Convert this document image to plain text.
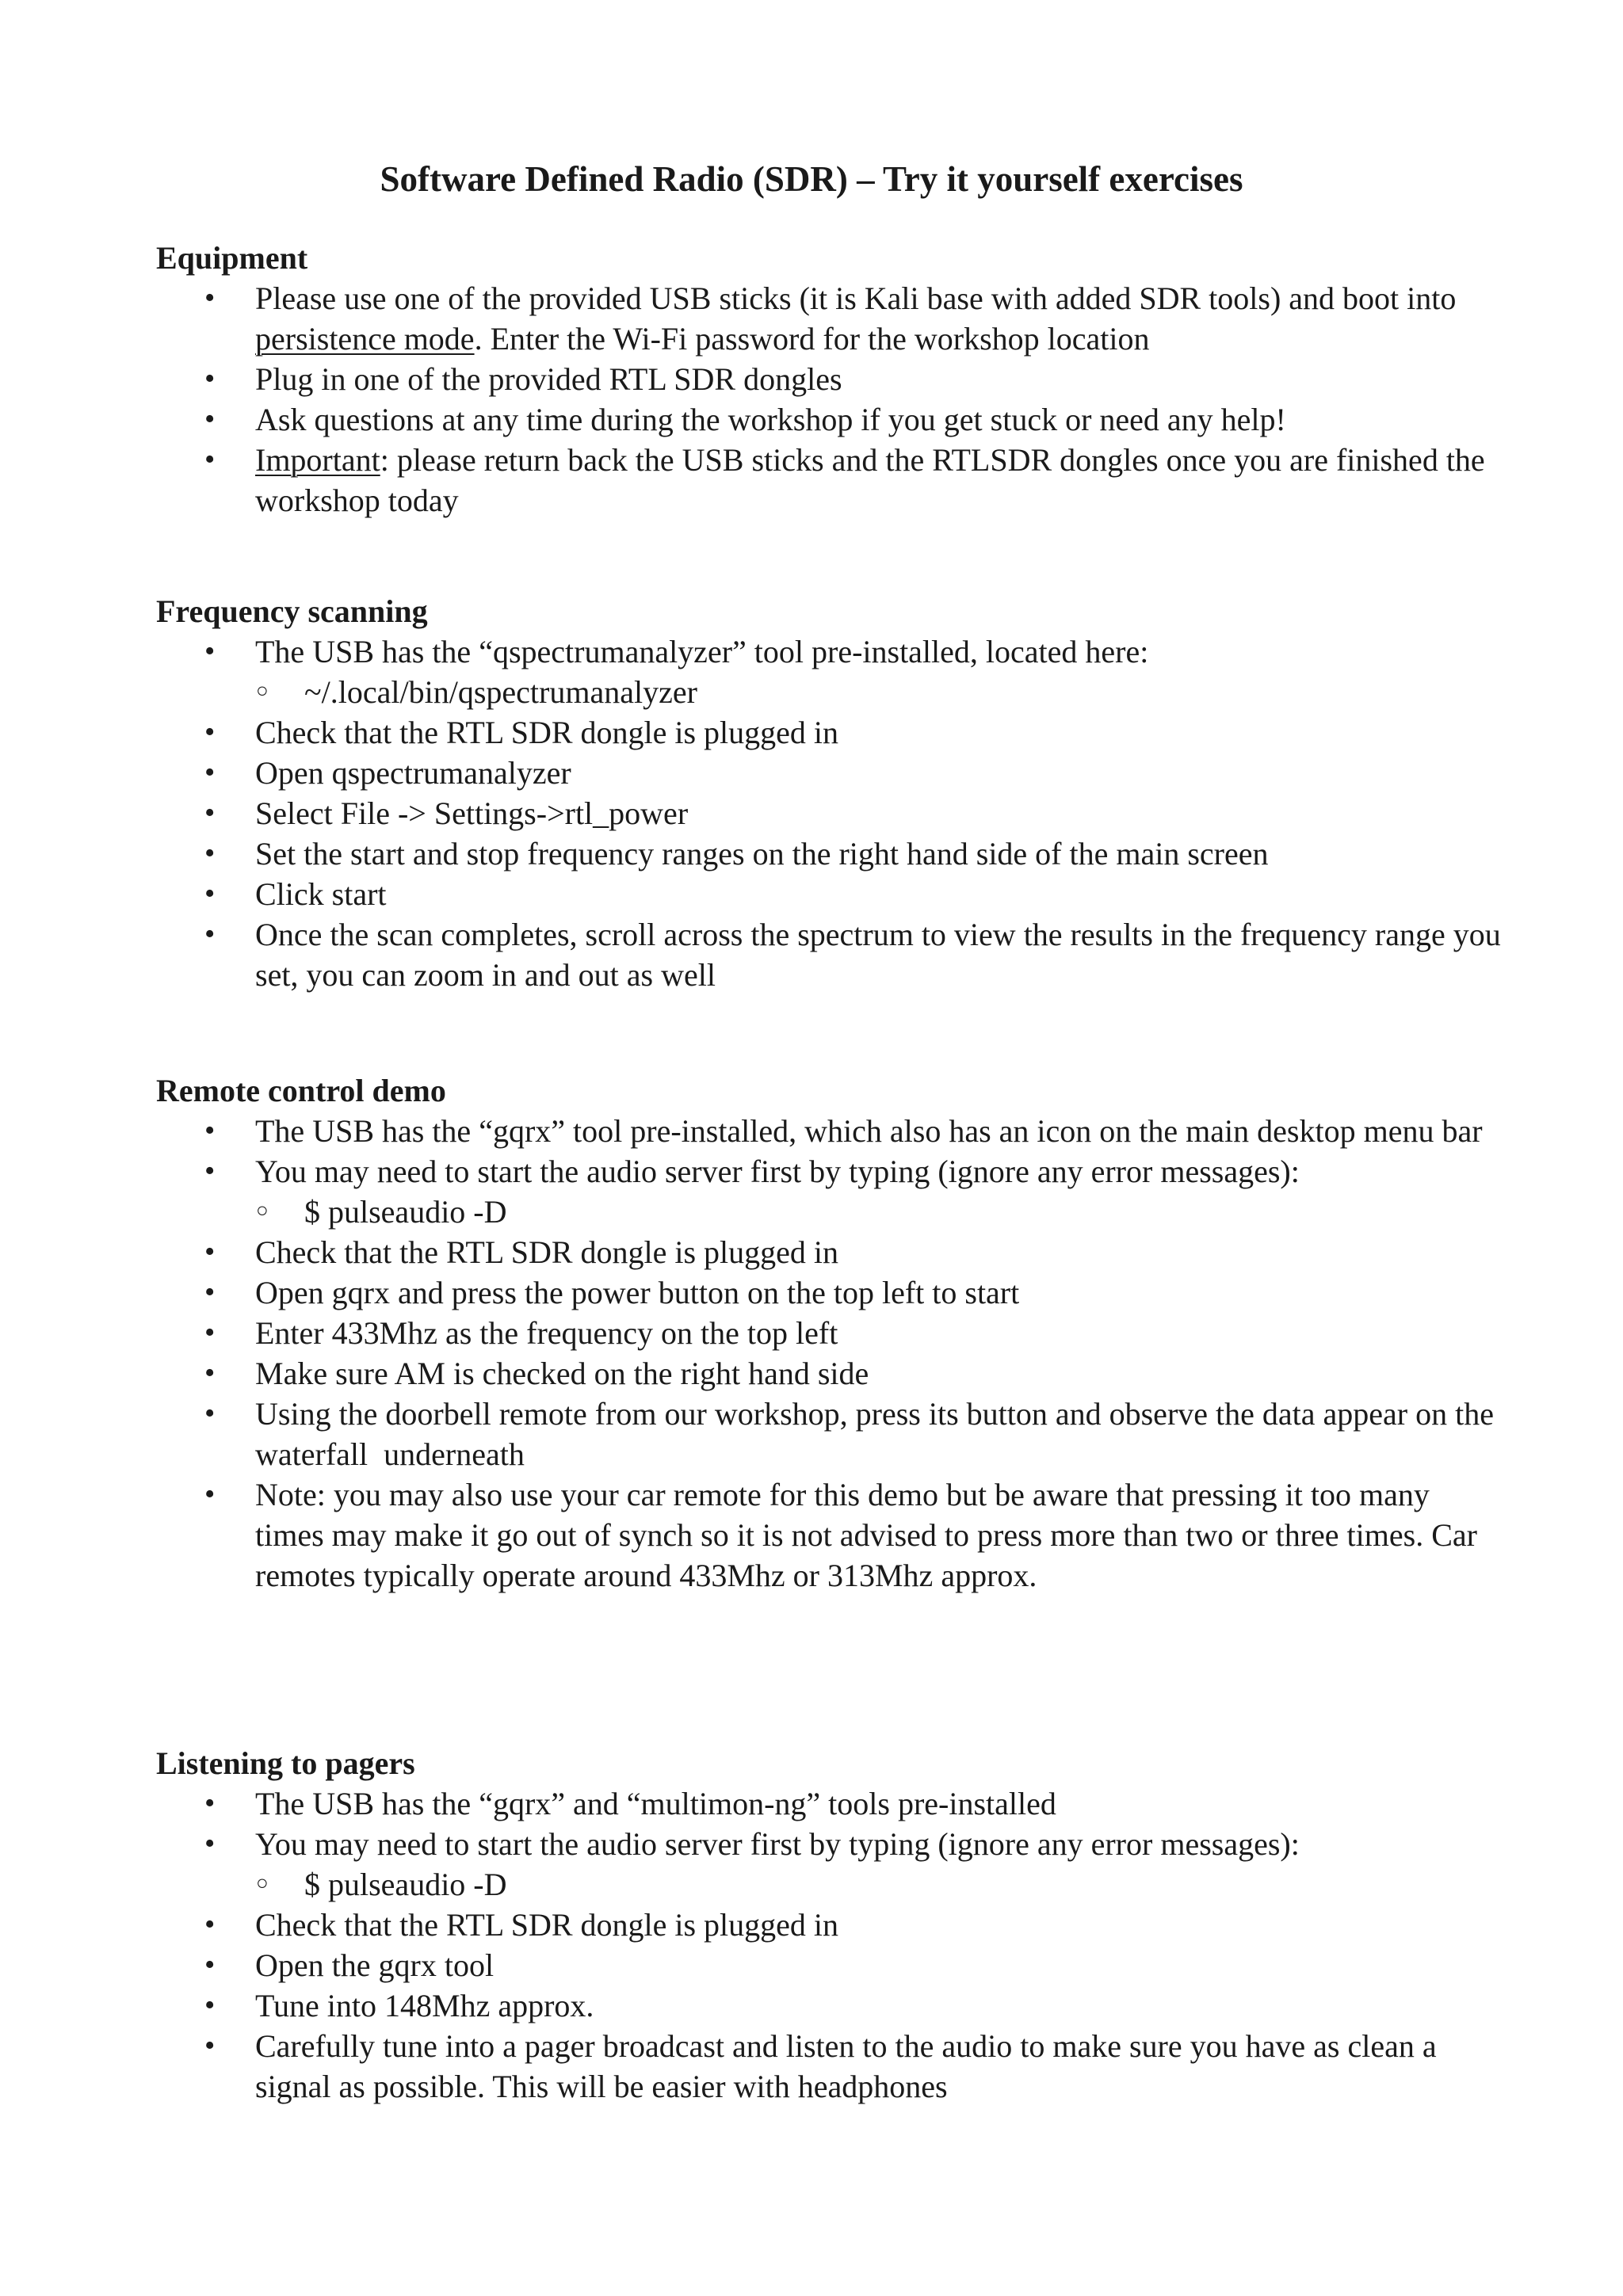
Software Defined Radio (SDR) – Try it yourself exercises
Equipment
• Please use one of the provided USB sticks (it is Kali base with added SDR tools) and boot into persistence mode. Enter the Wi-Fi password for the workshop location
• Plug in one of the provided RTL SDR dongles
• Ask questions at any time during the workshop if you get stuck or need any help!
• Important: please return back the USB sticks and the RTLSDR dongles once you are finished the workshop today
Frequency scanning
• The USB has the “qspectrumanalyzer” tool pre-installed, located here:
○ ~/.local/bin/qspectrumanalyzer
• Check that the RTL SDR dongle is plugged in
• Open qspectrumanalyzer
• Select File -> Settings->rtl_power
• Set the start and stop frequency ranges on the right hand side of the main screen
• Click start
• Once the scan completes, scroll across the spectrum to view the results in the frequency range you set, you can zoom in and out as well
Remote control demo
• The USB has the “gqrx” tool pre-installed, which also has an icon on the main desktop menu bar
• You may need to start the audio server first by typing (ignore any error messages):
○ $ pulseaudio -D
• Check that the RTL SDR dongle is plugged in
• Open gqrx and press the power button on the top left to start
• Enter 433Mhz as the frequency on the top left
• Make sure AM is checked on the right hand side
• Using the doorbell remote from our workshop, press its button and observe the data appear on the waterfall  underneath
• Note: you may also use your car remote for this demo but be aware that pressing it too many times may make it go out of synch so it is not advised to press more than two or three times. Car remotes typically operate around 433Mhz or 313Mhz approx.
Listening to pagers
• The USB has the “gqrx” and “multimon-ng” tools pre-installed
• You may need to start the audio server first by typing (ignore any error messages):
○ $ pulseaudio -D
• Check that the RTL SDR dongle is plugged in
• Open the gqrx tool
• Tune into 148Mhz approx.
• Carefully tune into a pager broadcast and listen to the audio to make sure you have as clean a signal as possible. This will be easier with headphones
